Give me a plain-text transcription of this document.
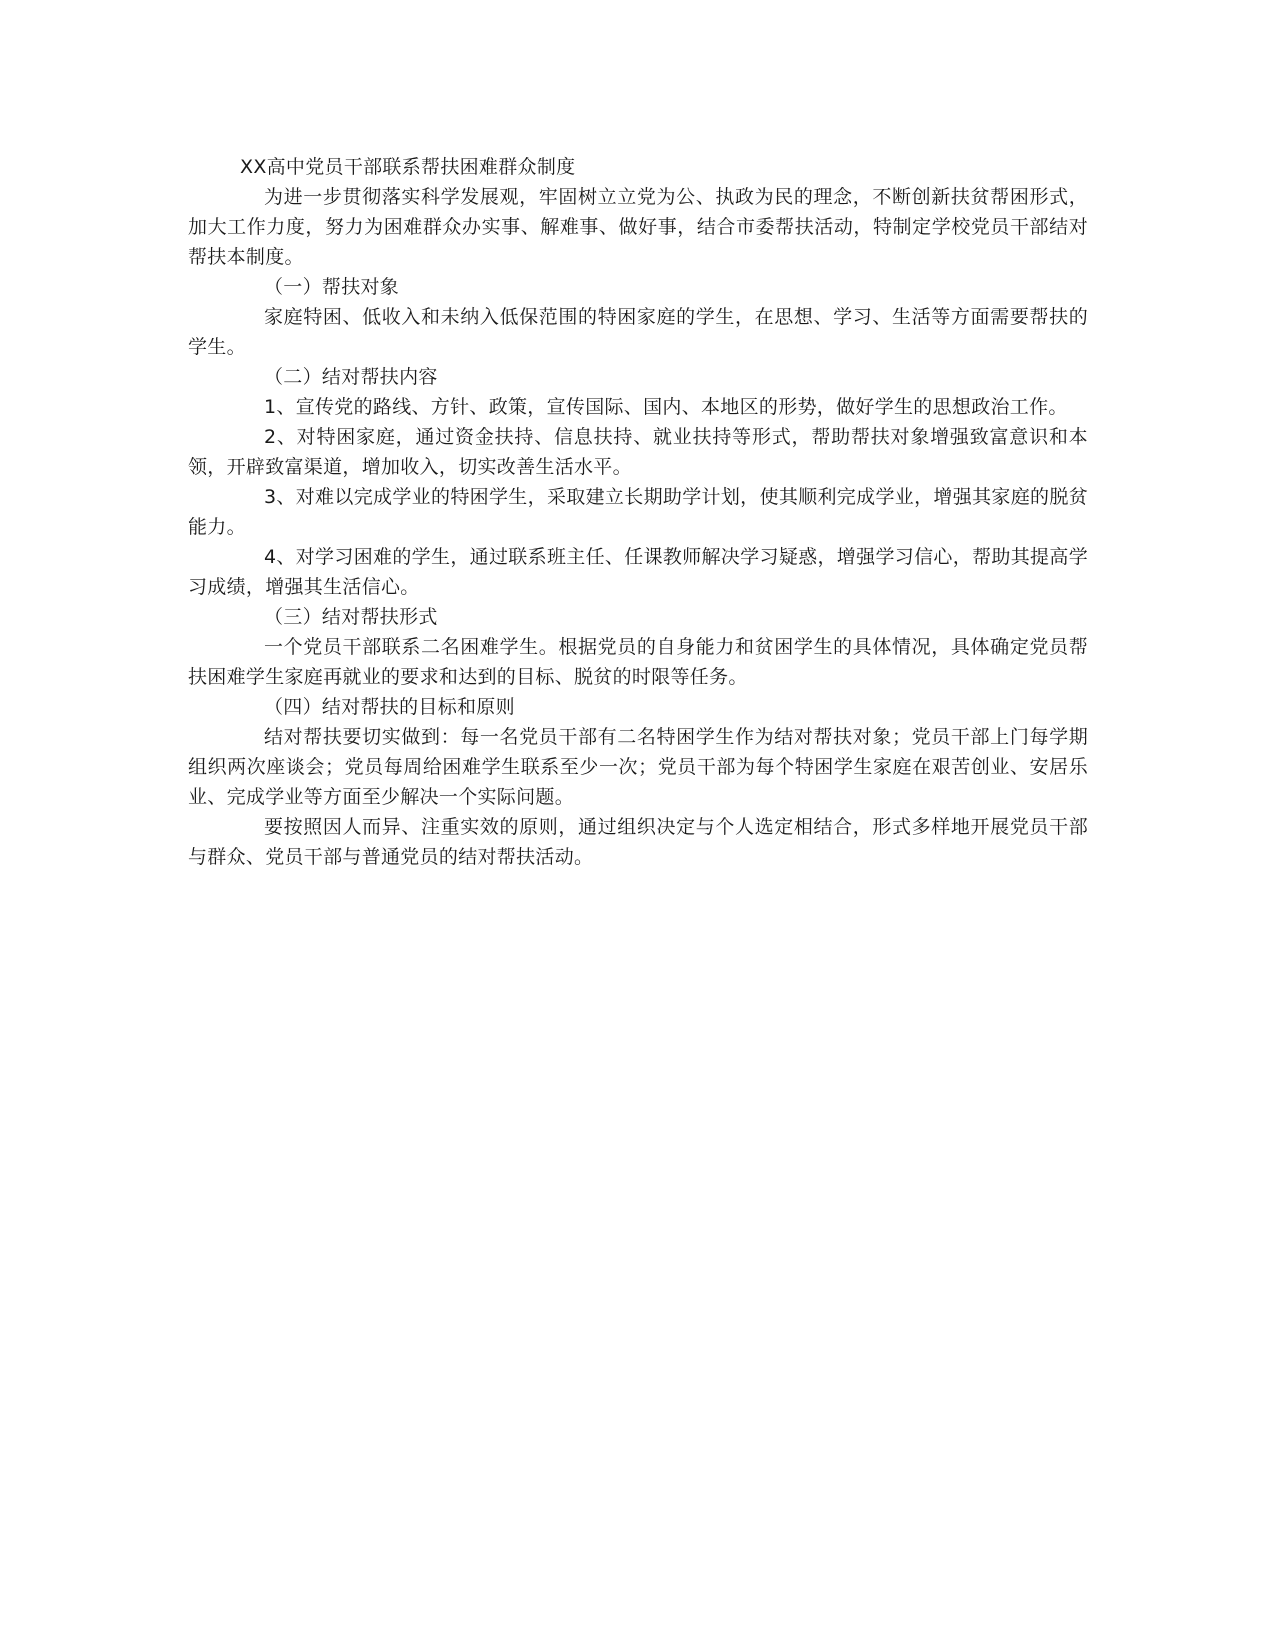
XX高中党员干部联系帮扶困难群众制度

为进一步贯彻落实科学发展观，牢固树立立党为公、执政为民的理念，不断创新扶贫帮困形式，加大工作力度，努力为困难群众办实事、解难事、做好事，结合市委帮扶活动，特制定学校党员干部结对帮扶本制度。

（一）帮扶对象

家庭特困、低收入和未纳入低保范围的特困家庭的学生，在思想、学习、生活等方面需要帮扶的学生。

（二）结对帮扶内容

1、宣传党的路线、方针、政策，宣传国际、国内、本地区的形势，做好学生的思想政治工作。

2、对特困家庭，通过资金扶持、信息扶持、就业扶持等形式，帮助帮扶对象增强致富意识和本领，开辟致富渠道，增加收入，切实改善生活水平。

3、对难以完成学业的特困学生，采取建立长期助学计划，使其顺利完成学业，增强其家庭的脱贫能力。

4、对学习困难的学生，通过联系班主任、任课教师解决学习疑惑，增强学习信心，帮助其提高学习成绩，增强其生活信心。

（三）结对帮扶形式

一个党员干部联系二名困难学生。根据党员的自身能力和贫困学生的具体情况，具体确定党员帮扶困难学生家庭再就业的要求和达到的目标、脱贫的时限等任务。

（四）结对帮扶的目标和原则

结对帮扶要切实做到：每一名党员干部有二名特困学生作为结对帮扶对象；党员干部上门每学期组织两次座谈会；党员每周给困难学生联系至少一次；党员干部为每个特困学生家庭在艰苦创业、安居乐业、完成学业等方面至少解决一个实际问题。

要按照因人而异、注重实效的原则，通过组织决定与个人选定相结合，形式多样地开展党员干部与群众、党员干部与普通党员的结对帮扶活动。
